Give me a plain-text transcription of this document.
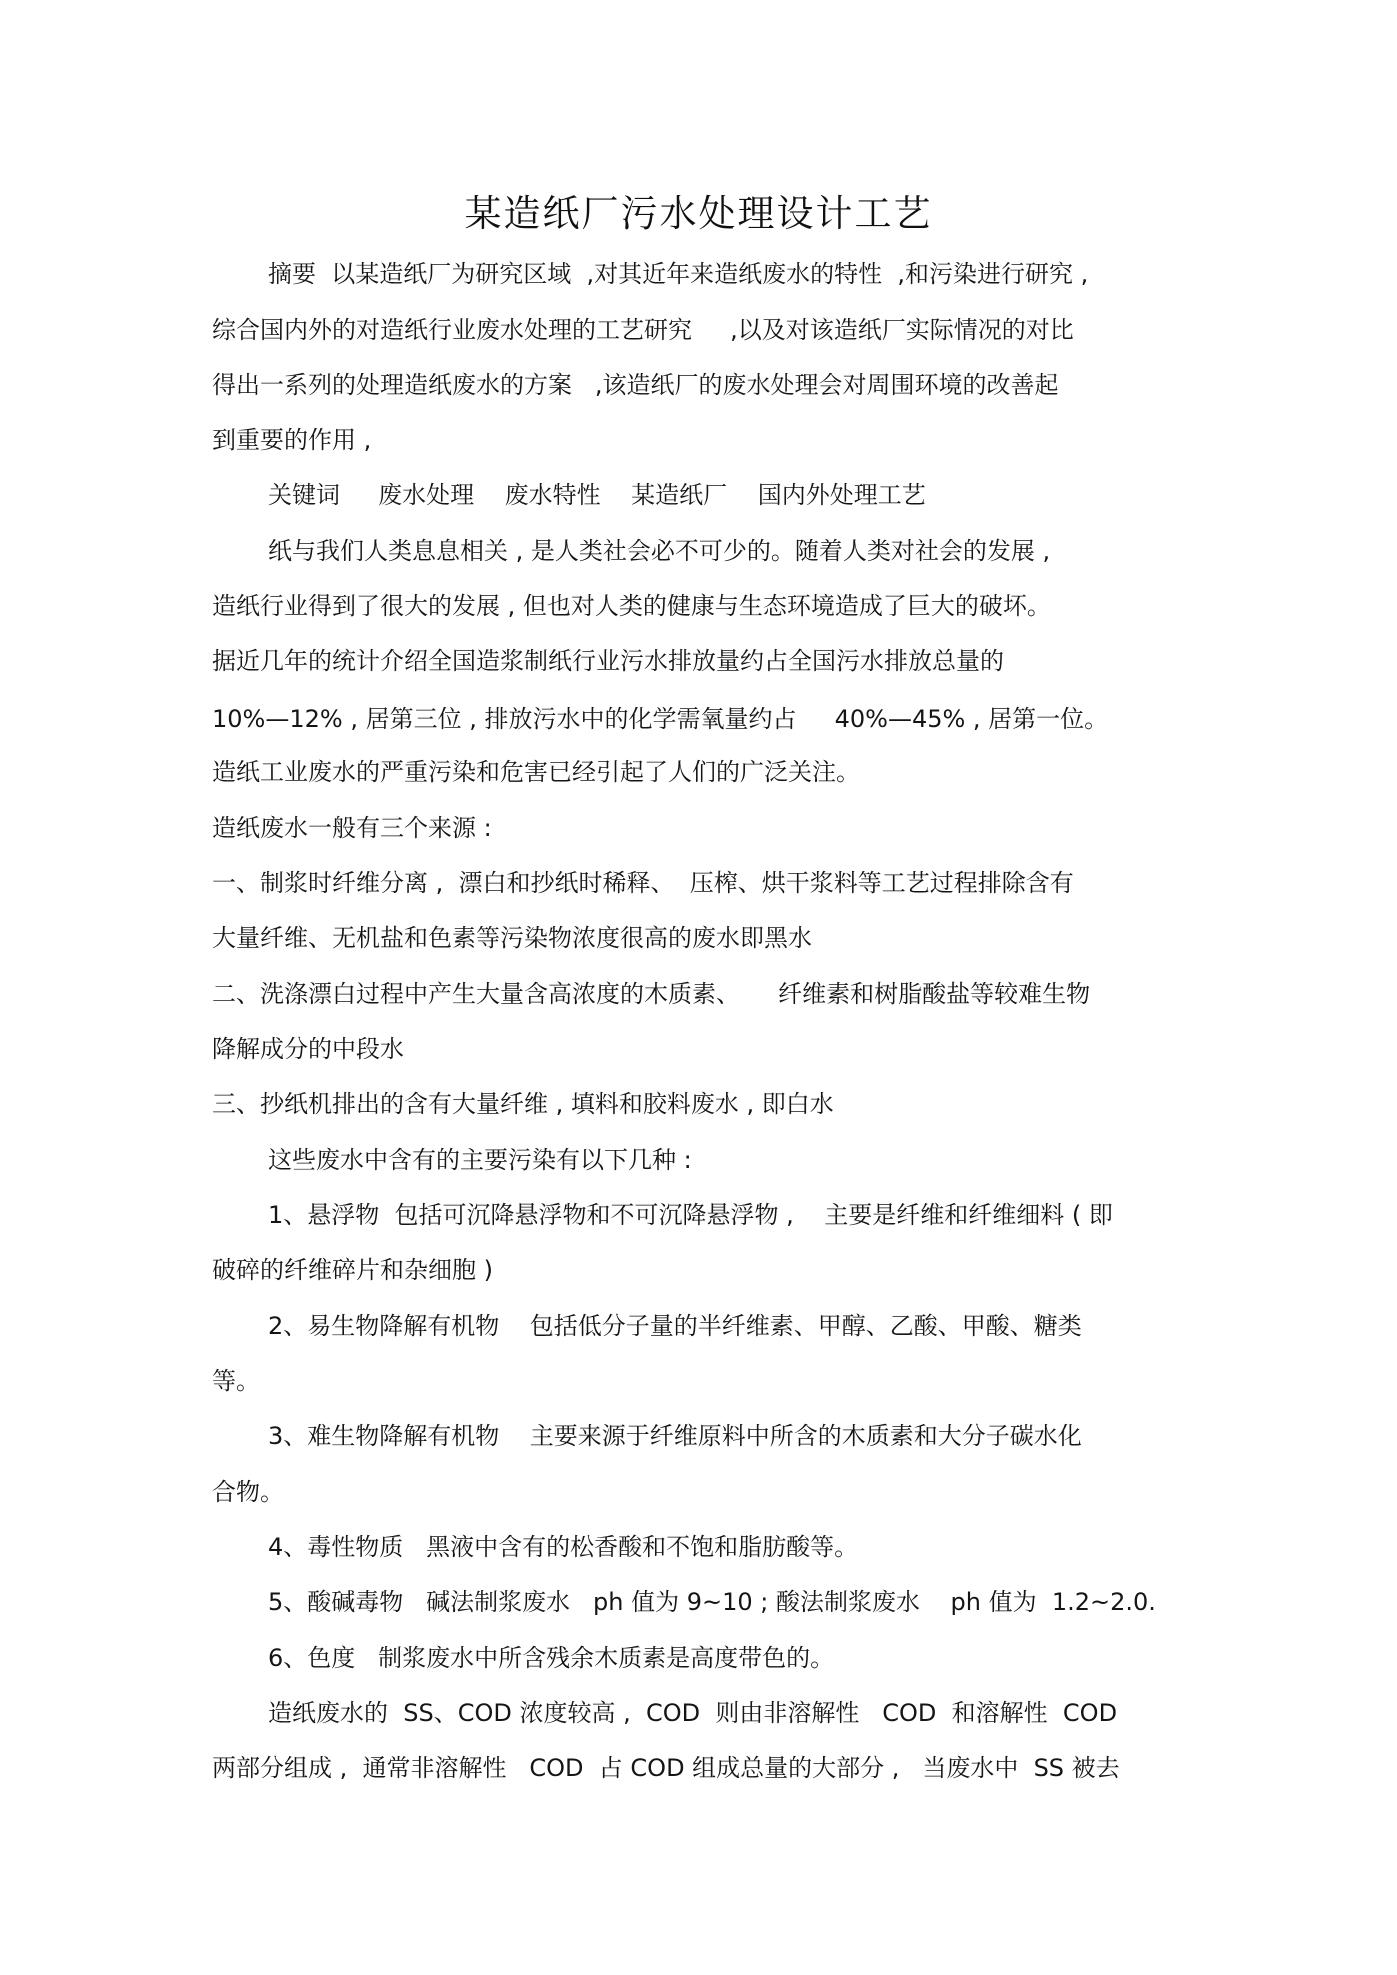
某造纸厂污水处理设计工艺
摘要  以某造纸厂为研究区域  ,对其近年来造纸废水的特性  ,和污染进行研究 ,
综合国内外的对造纸行业废水处理的工艺研究     ,以及对该造纸厂实际情况的对比
得出一系列的处理造纸废水的方案   ,该造纸厂的废水处理会对周围环境的改善起
到重要的作用 ,
关键词     废水处理    废水特性    某造纸厂    国内外处理工艺
纸与我们人类息息相关 , 是人类社会必不可少的。随着人类对社会的发展 ,
造纸行业得到了很大的发展 , 但也对人类的健康与生态环境造成了巨大的破坏。
据近几年的统计介绍全国造浆制纸行业污水排放量约占全国污水排放总量的
10%—12% , 居第三位 , 排放污水中的化学需氧量约占     40%—45% , 居第一位。
造纸工业废水的严重污染和危害已经引起了人们的广泛关注。
造纸废水一般有三个来源 :
一、制浆时纤维分离 ,  漂白和抄纸时稀释、  压榨、烘干浆料等工艺过程排除含有
大量纤维、无机盐和色素等污染物浓度很高的废水即黑水
二、洗涤漂白过程中产生大量含高浓度的木质素、     纤维素和树脂酸盐等较难生物
降解成分的中段水
三、抄纸机排出的含有大量纤维 , 填料和胶料废水 , 即白水
这些废水中含有的主要污染有以下几种 :
1、悬浮物  包括可沉降悬浮物和不可沉降悬浮物 ,    主要是纤维和纤维细料 ( 即
破碎的纤维碎片和杂细胞 )
2、易生物降解有机物    包括低分子量的半纤维素、甲醇、乙酸、甲酸、糖类
等。
3、难生物降解有机物    主要来源于纤维原料中所含的木质素和大分子碳水化
合物。
4、毒性物质   黑液中含有的松香酸和不饱和脂肪酸等。
5、酸碱毒物   碱法制浆废水   ph 值为 9~10 ; 酸法制浆废水    ph 值为  1.2~2.0.
6、色度   制浆废水中所含残余木质素是高度带色的。
造纸废水的  SS、COD 浓度较高 ,  COD  则由非溶解性   COD  和溶解性  COD
两部分组成 ,  通常非溶解性   COD  占 COD 组成总量的大部分 ,   当废水中  SS 被去
